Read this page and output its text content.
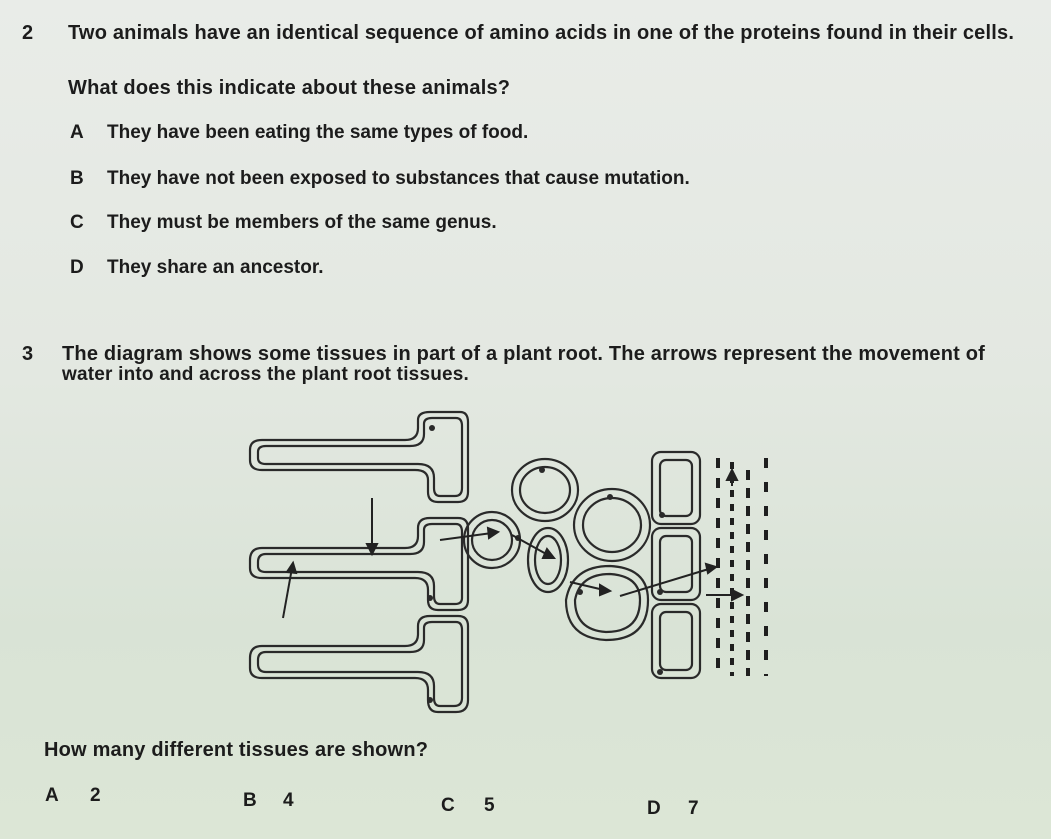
2 Two animals have an identical sequence of amino acids in one of the proteins found in their cells.
What does this indicate about these animals?
A They have been eating the same types of food.
B They have not been exposed to substances that cause mutation.
C They must be members of the same genus.
D They share an ancestor.
3 The diagram shows some tissues in part of a plant root. The arrows represent the movement of
water into and across the plant root tissues.
How many different tissues are shown?
A 2	B 4	C 5	D 7
